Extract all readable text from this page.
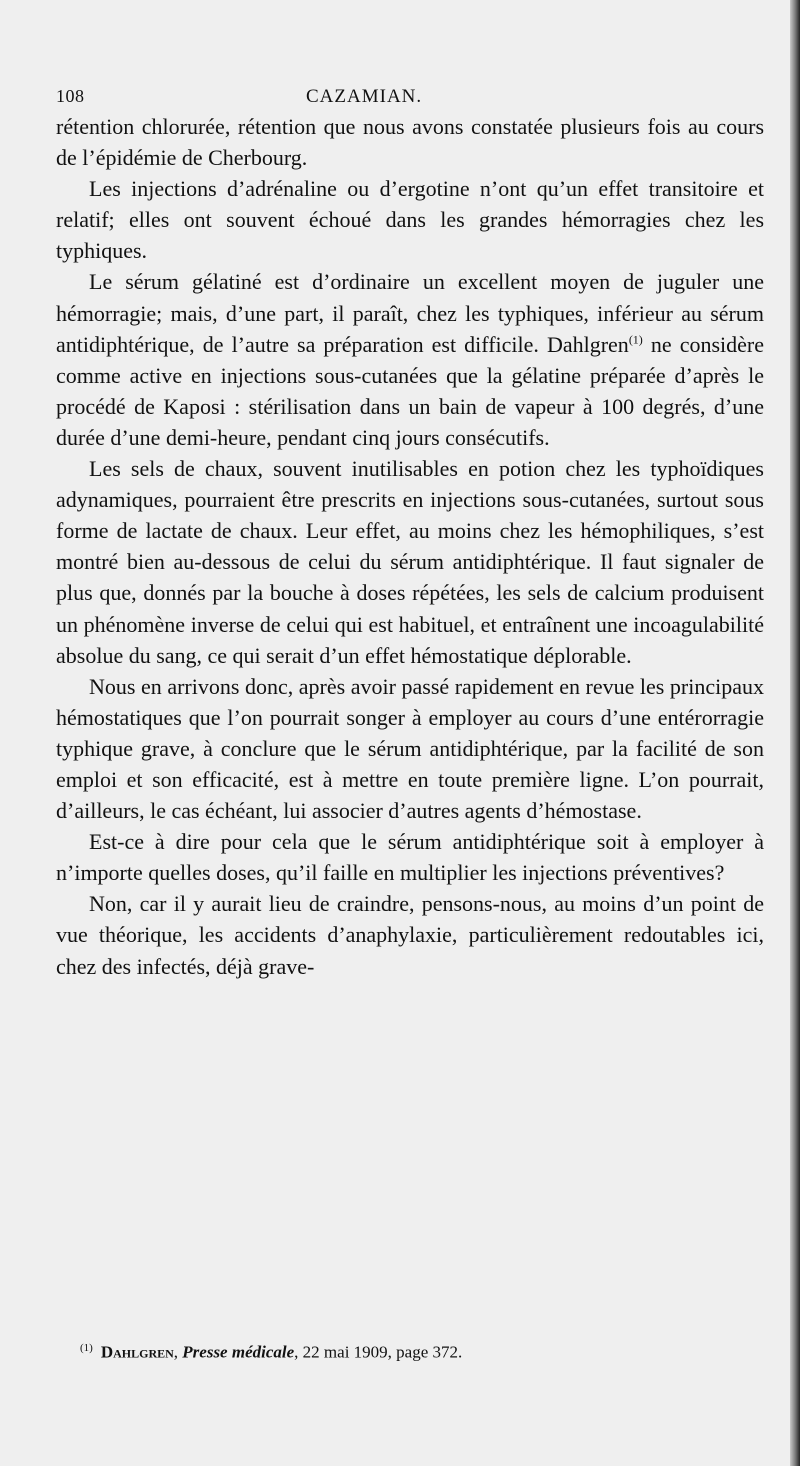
108	CAZAMIAN.

rétention chlorurée, rétention que nous avons constatée plusieurs fois au cours de l’épidémie de Cherbourg.

Les injections d’adrénaline ou d’ergotine n’ont qu’un effet transitoire et relatif; elles ont souvent échoué dans les grandes hémorragies chez les typhiques.

Le sérum gélatiné est d’ordinaire un excellent moyen de juguler une hémorragie; mais, d’une part, il paraît, chez les typhiques, inférieur au sérum antidiphtérique, de l’autre sa préparation est difficile. Dahlgren$^{(1)}$ ne considère comme active en injections sous-cutanées que la gélatine préparée d’après le procédé de Kaposi : stérilisation dans un bain de vapeur à 100 degrés, d’une durée d’une demi-heure, pendant cinq jours consécutifs.

Les sels de chaux, souvent inutilisables en potion chez les typhoïdiques adynamiques, pourraient être prescrits en injections sous-cutanées, surtout sous forme de lactate de chaux. Leur effet, au moins chez les hémophiliques, s’est montré bien au-dessous de celui du sérum antidiphtérique. Il faut signaler de plus que, donnés par la bouche à doses répétées, les sels de calcium produisent un phénomène inverse de celui qui est habituel, et entraînent une incoagulabilité absolue du sang, ce qui serait d’un effet hémostatique déplorable.

Nous en arrivons donc, après avoir passé rapidement en revue les principaux hémostatiques que l’on pourrait songer à employer au cours d’une entérorragie typhique grave, à conclure que le sérum antidiphtérique, par la facilité de son emploi et son efficacité, est à mettre en toute première ligne. L’on pourrait, d’ailleurs, le cas échéant, lui associer d’autres agents d’hémostase.

Est-ce à dire pour cela que le sérum antidiphtérique soit à employer à n’importe quelles doses, qu’il faille en multiplier les injections préventives?

Non, car il y aurait lieu de craindre, pensons-nous, au moins d’un point de vue théorique, les accidents d’anaphylaxie, particulièrement redoutables ici, chez des infectés, déjà grave-

$^{(1)}$ Dahlgren, Presse médicale, 22 mai 1909, page 372.
